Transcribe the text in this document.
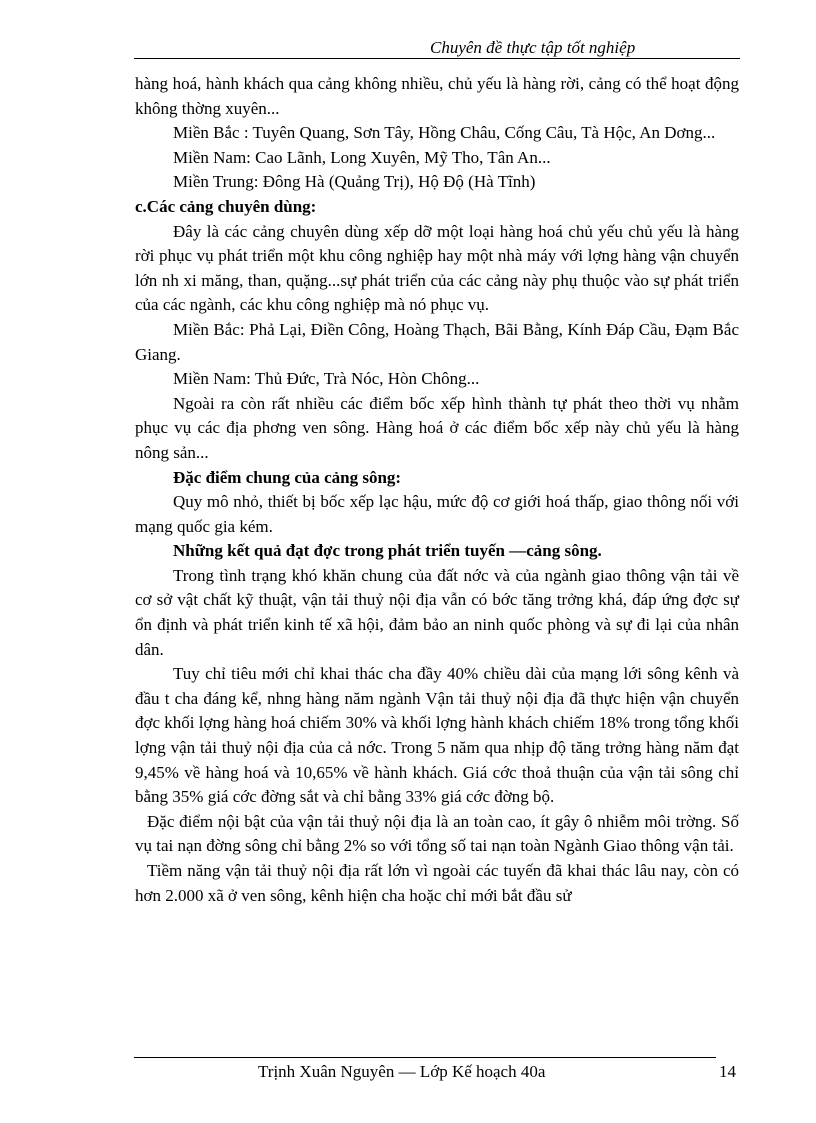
Chuyên đề thực tập tốt nghiệp

hàng hoá, hành khách qua cảng không nhiều, chủ yếu là hàng rời, cảng có thể hoạt động không thờng xuyên...

Miền Bắc : Tuyên Quang, Sơn Tây, Hồng Châu, Cống Câu, Tà Hộc, An Dơng...

Miền Nam: Cao Lãnh, Long Xuyên, Mỹ Tho, Tân An...

Miền Trung: Đông Hà (Quảng Trị), Hộ Độ (Hà Tĩnh)

c.Các cảng chuyên dùng:

Đây là các cảng chuyên dùng xếp dỡ một loại hàng hoá chủ yếu chủ yếu là hàng rời phục vụ phát triển một khu công nghiệp hay một nhà máy với lợng hàng vận chuyển lớn nh xi măng, than, quặng...sự phát triển của các cảng này phụ thuộc vào sự phát triển của các ngành, các khu công nghiệp mà nó phục vụ.

Miền Bắc: Phả Lại, Điền Công, Hoàng Thạch, Bãi Bằng, Kính Đáp Cầu, Đạm Bắc Giang.

Miền Nam: Thủ Đức, Trà Nóc, Hòn Chông...

Ngoài ra còn rất nhiều các điểm bốc xếp hình thành tự phát theo thời vụ nhằm phục vụ các địa phơng ven sông. Hàng hoá ở các điểm bốc xếp này chủ yếu là hàng nông sản...

Đặc điểm chung của cảng sông:

Quy mô nhỏ, thiết bị bốc xếp lạc hậu, mức độ cơ giới hoá thấp, giao thông nối với mạng quốc gia kém.

Những kết quả đạt đợc trong phát triển tuyến —cảng sông.

Trong tình trạng khó khăn chung của đất nớc và của ngành giao thông vận tải về cơ sở vật chất kỹ thuật, vận tải thuỷ nội địa vẫn có bớc tăng trởng khá, đáp ứng đợc sự ổn định và phát triển kinh tế xã hội, đảm bảo an ninh quốc phòng và sự đi lại của nhân dân.

Tuy chỉ tiêu mới chỉ khai thác cha đầy 40% chiều dài của mạng lới sông kênh và đầu t cha đáng kể, nhng hàng năm ngành Vận tải thuỷ nội địa đã thực hiện vận chuyển đợc khối lợng hàng hoá chiếm 30% và khối lợng hành khách chiếm 18% trong tổng khối lợng vận tải thuỷ nội địa của cả nớc. Trong 5 năm qua nhịp độ tăng trởng hàng năm đạt 9,45% về hàng hoá và 10,65% về hành khách. Giá cớc thoả thuận của vận tải sông chỉ bằng 35% giá cớc đờng sắt và chỉ bằng 33% giá cớc đờng bộ.

Đặc điểm nội bật của vận tải thuỷ nội địa là an toàn cao, ít gây ô nhiễm môi trờng. Số vụ tai nạn đờng sông chỉ bằng 2% so với tổng số tai nạn toàn Ngành Giao thông vận tải.

Tiềm năng vận tải thuỷ nội địa rất lớn vì ngoài các tuyến đã khai thác lâu nay, còn có hơn 2.000 xã ở ven sông, kênh hiện cha hoặc chỉ mới bắt đầu sử

Trịnh Xuân Nguyên — Lớp Kế hoạch 40a	14
